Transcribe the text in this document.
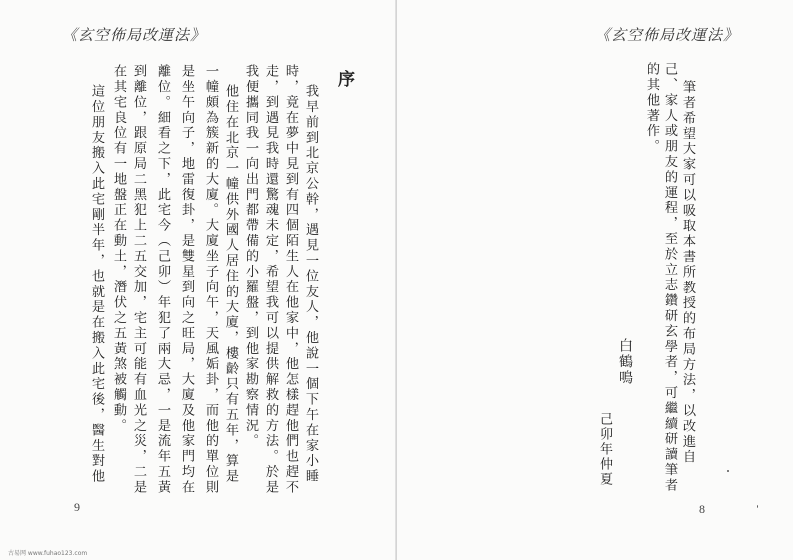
《玄空佈局改運法》
序
我早前到北京公幹，遇見一位友人，他說一個下午在家小睡
時，竟在夢中見到有四個陌生人在他家中，他怎樣趕他們也趕不
走，到遇見我時還驚魂未定，希望我可以提供解救的方法。於是
我便攜同我一向出門都帶備的小羅盤，到他家勘察情況。
他住在北京一幢供外國人居住的大廈，樓齡只有五年，算是
一幢頗為簇新的大廈。大廈坐子向午，天風姤卦，而他的單位則
是坐午向子，地雷復卦，是雙星到向之旺局，大廈及他家門均在
離位。細看之下，此宅今（己卯）年犯了兩大忌，一是流年五黃
到離位，跟原局二黑犯上二五交加，宅主可能有血光之災，二是
在其宅良位有一地盤正在動土，潛伏之五黃煞被觸動。
這位朋友搬入此宅剛半年，也就是在搬入此宅後，醫生對他
9
《玄空佈局改運法》
筆者希望大家可以吸取本書所教授的布局方法，以改進自
己、家人或朋友的運程，至於立志鑽研玄學者，可繼續研讀筆者
的其他著作。
白鶴鳴
己卯年仲夏
8
古易网 www.fuhao123.com
